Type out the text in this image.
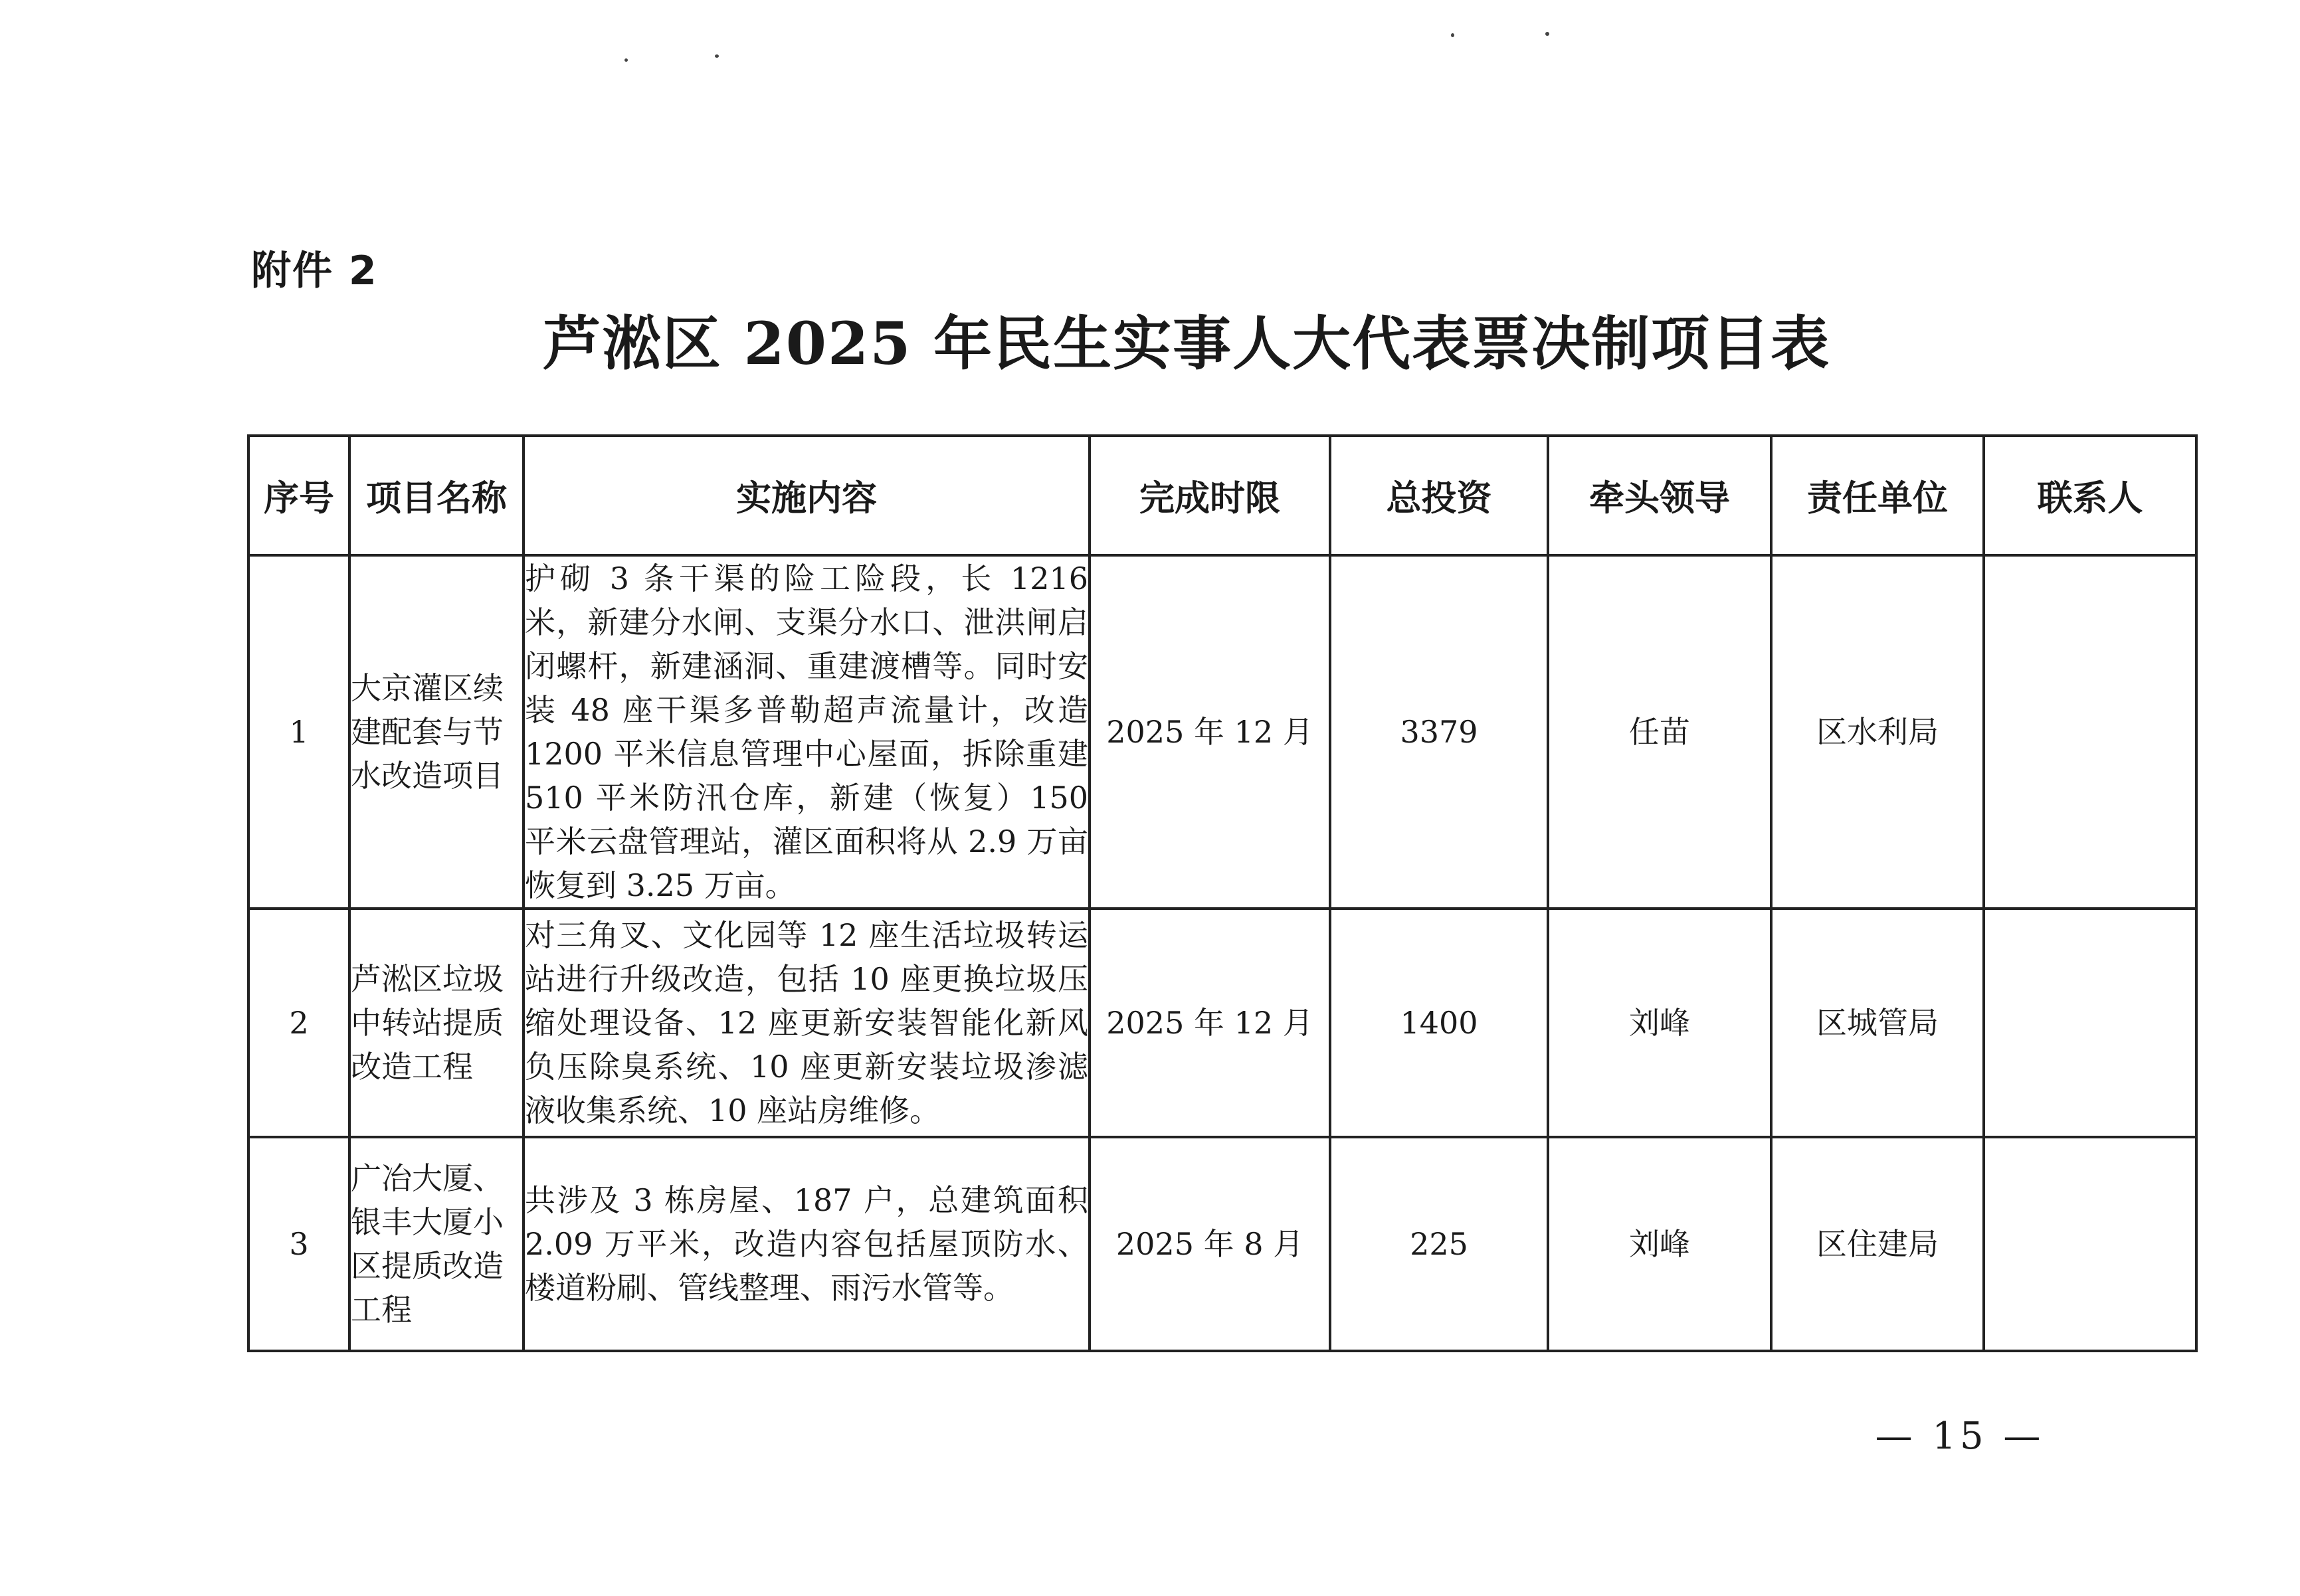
附件 2
芦淞区 2025 年民生实事人大代表票决制项目表
序号	项目名称	实施内容	完成时限	总投资	牵头领导	责任单位	联系人
1	大京灌区续建配套与节水改造项目	护砌 3 条干渠的险工险段，长 1216 米，新建分水闸、支渠分水口、泄洪闸启闭螺杆，新建涵洞、重建渡槽等。同时安装 48 座干渠多普勒超声流量计，改造 1200 平米信息管理中心屋面，拆除重建 510 平米防汛仓库，新建（恢复）150 平米云盘管理站，灌区面积将从 2.9 万亩恢复到 3.25 万亩。	2025 年 12 月	3379	任苗	区水利局	
2	芦淞区垃圾中转站提质改造工程	对三角叉、文化园等 12 座生活垃圾转运站进行升级改造，包括 10 座更换垃圾压缩处理设备、12 座更新安装智能化新风负压除臭系统、10 座更新安装垃圾渗滤液收集系统、10 座站房维修。	2025 年 12 月	1400	刘峰	区城管局	
3	广冶大厦、银丰大厦小区提质改造工程	共涉及 3 栋房屋、187 户，总建筑面积 2.09 万平米，改造内容包括屋顶防水、楼道粉刷、管线整理、雨污水管等。	2025 年 8 月	225	刘峰	区住建局	
— 15 —
